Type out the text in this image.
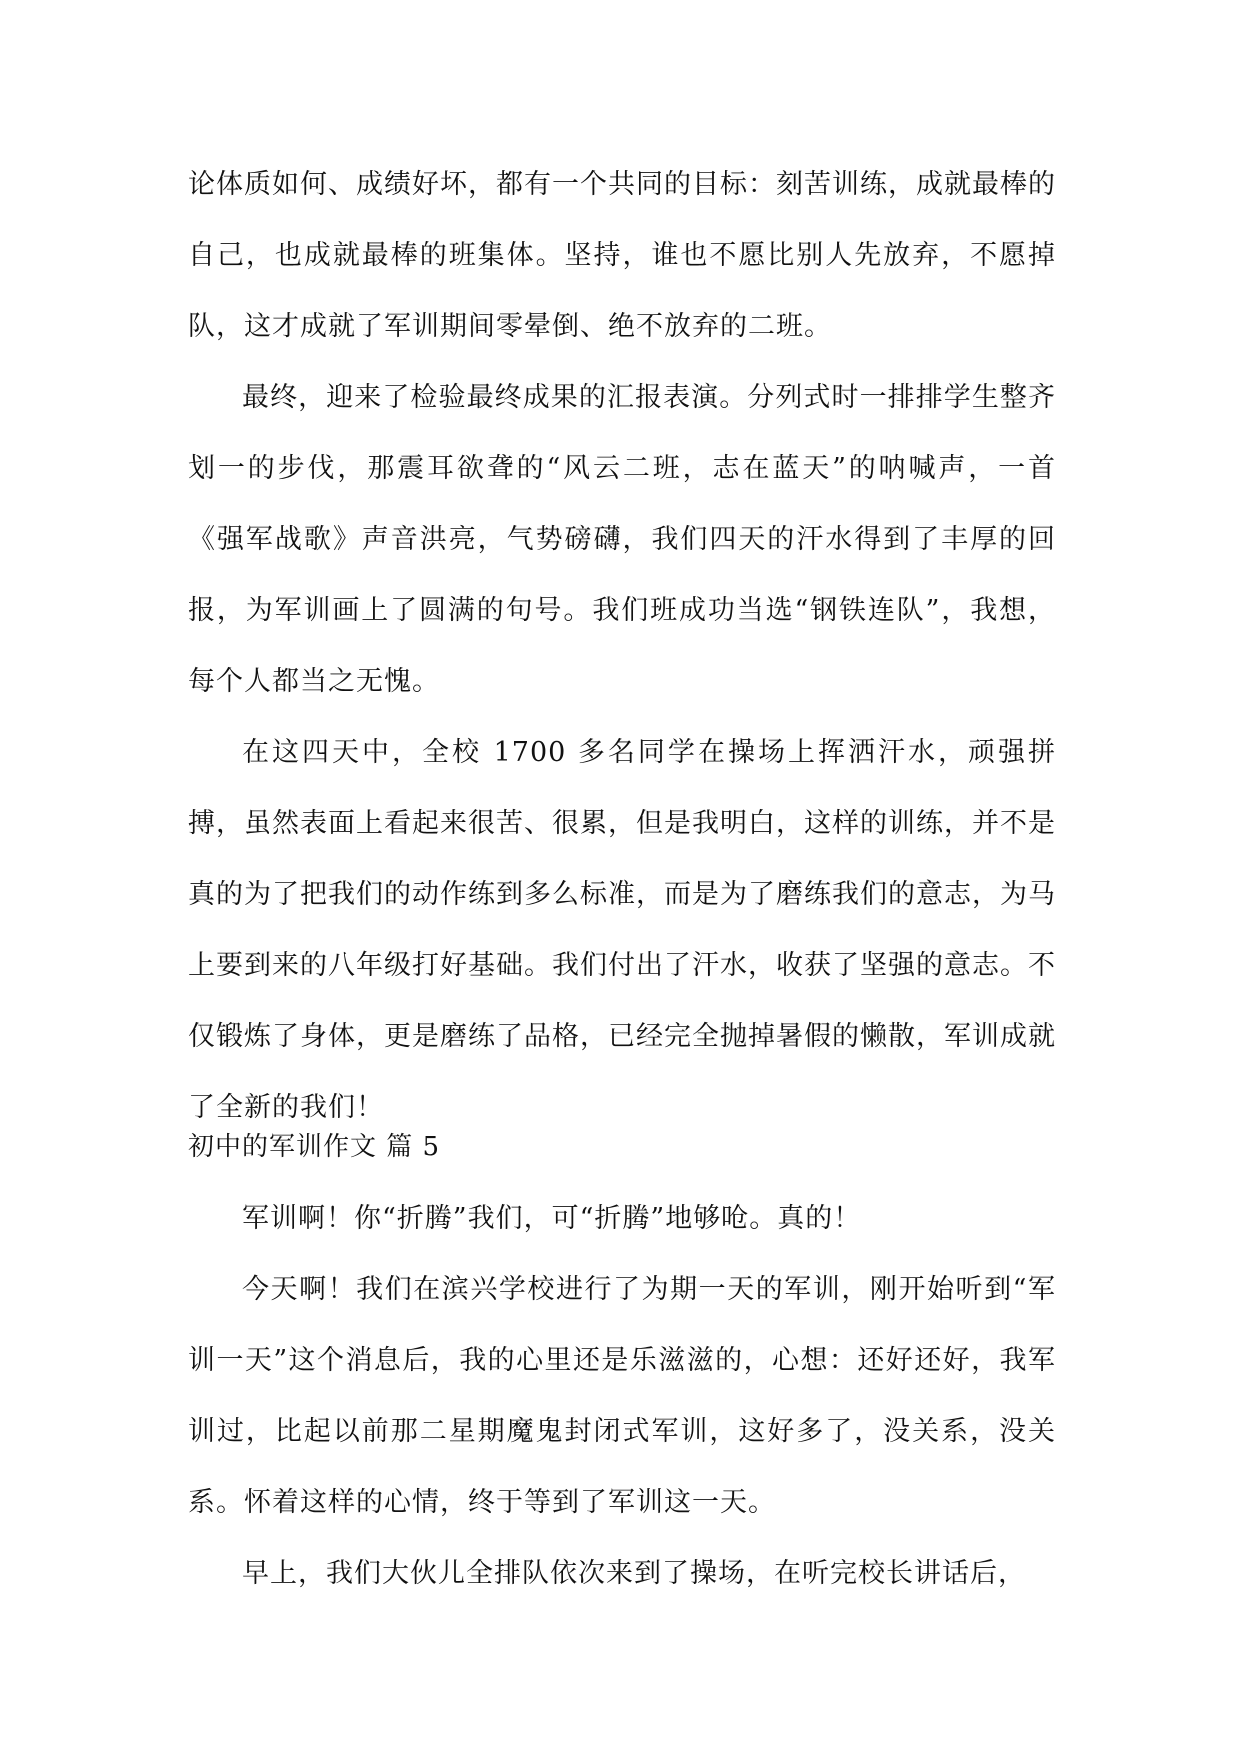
论体质如何、成绩好坏，都有一个共同的目标：刻苦训练，成就最棒的自己，也成就最棒的班集体。坚持，谁也不愿比别人先放弃，不愿掉队，这才成就了军训期间零晕倒、绝不放弃的二班。

最终，迎来了检验最终成果的汇报表演。分列式时一排排学生整齐划一的步伐，那震耳欲聋的“风云二班，志在蓝天”的呐喊声，一首《强军战歌》声音洪亮，气势磅礴，我们四天的汗水得到了丰厚的回报，为军训画上了圆满的句号。我们班成功当选“钢铁连队”，我想，每个人都当之无愧。

在这四天中，全校 1700 多名同学在操场上挥洒汗水，顽强拼搏，虽然表面上看起来很苦、很累，但是我明白，这样的训练，并不是真的为了把我们的动作练到多么标准，而是为了磨练我们的意志，为马上要到来的八年级打好基础。我们付出了汗水，收获了坚强的意志。不仅锻炼了身体，更是磨练了品格，已经完全抛掉暑假的懒散，军训成就了全新的我们！

初中的军训作文 篇 5

军训啊！你“折腾”我们，可“折腾”地够呛。真的！

今天啊！我们在滨兴学校进行了为期一天的军训，刚开始听到“军训一天”这个消息后，我的心里还是乐滋滋的，心想：还好还好，我军训过，比起以前那二星期魔鬼封闭式军训，这好多了，没关系，没关系。怀着这样的心情，终于等到了军训这一天。

早上，我们大伙儿全排队依次来到了操场，在听完校长讲话后，
